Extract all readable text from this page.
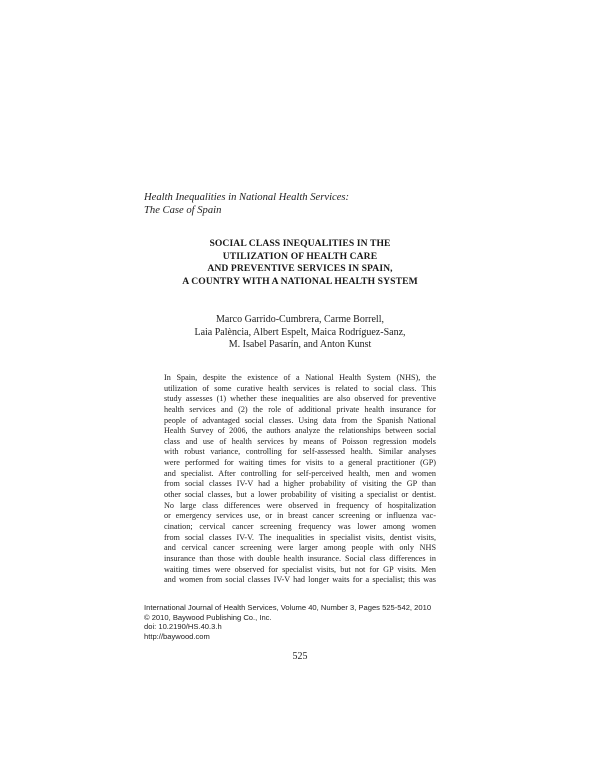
Health Inequalities in National Health Services:
The Case of Spain
SOCIAL CLASS INEQUALITIES IN THE
UTILIZATION OF HEALTH CARE
AND PREVENTIVE SERVICES IN SPAIN,
A COUNTRY WITH A NATIONAL HEALTH SYSTEM
Marco Garrido-Cumbrera, Carme Borrell,
Laia Palència, Albert Espelt, Maica Rodríguez-Sanz,
M. Isabel Pasarín, and Anton Kunst
In Spain, despite the existence of a National Health System (NHS), the
utilization of some curative health services is related to social class. This
study assesses (1) whether these inequalities are also observed for preventive
health services and (2) the role of additional private health insurance for
people of advantaged social classes. Using data from the Spanish National
Health Survey of 2006, the authors analyze the relationships between social
class and use of health services by means of Poisson regression models
with robust variance, controlling for self-assessed health. Similar analyses
were performed for waiting times for visits to a general practitioner (GP)
and specialist. After controlling for self-perceived health, men and women
from social classes IV-V had a higher probability of visiting the GP than
other social classes, but a lower probability of visiting a specialist or dentist.
No large class differences were observed in frequency of hospitalization
or emergency services use, or in breast cancer screening or influenza vac-
cination; cervical cancer screening frequency was lower among women
from social classes IV-V. The inequalities in specialist visits, dentist visits,
and cervical cancer screening were larger among people with only NHS
insurance than those with double health insurance. Social class differences in
waiting times were observed for specialist visits, but not for GP visits. Men
and women from social classes IV-V had longer waits for a specialist; this was
International Journal of Health Services, Volume 40, Number 3, Pages 525-542, 2010
© 2010, Baywood Publishing Co., Inc.
doi: 10.2190/HS.40.3.h
http://baywood.com
525
